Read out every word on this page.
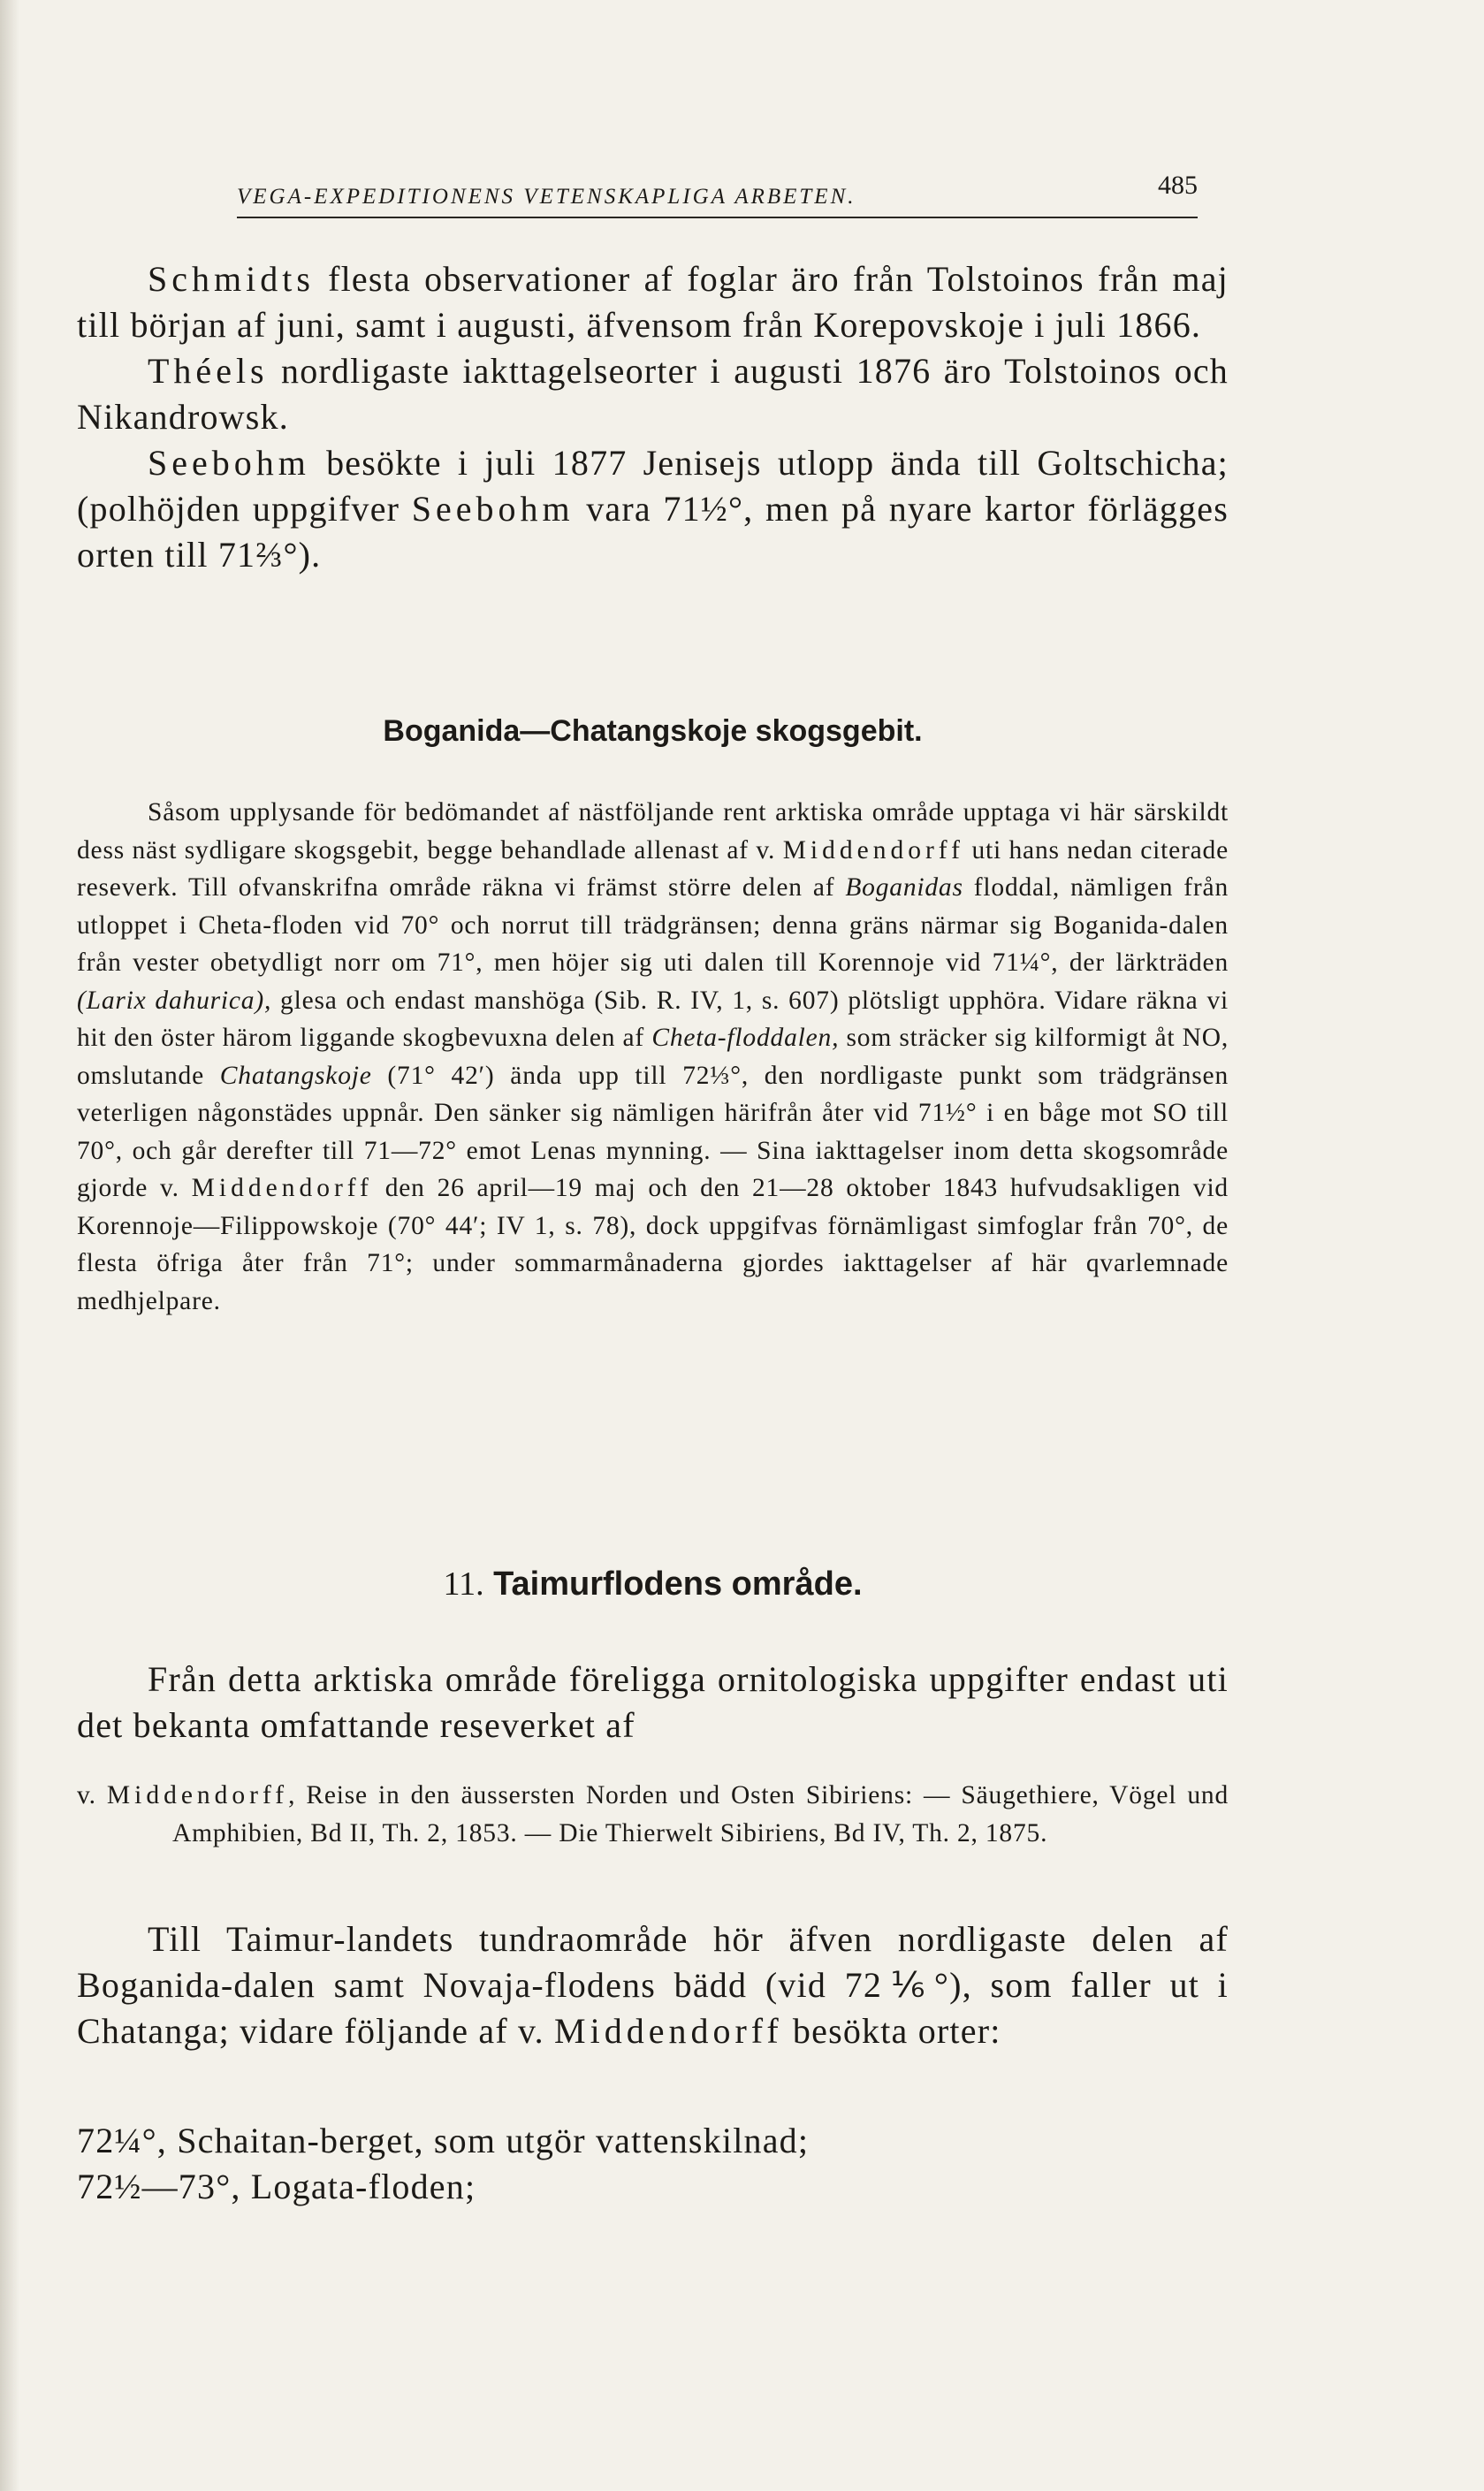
VEGA-EXPEDITIONENS VETENSKAPLIGA ARBETEN.	485

Schmidts flesta observationer af foglar äro från Tolstoinos från maj till början af juni, samt i augusti, äfvensom från Korepovskoje i juli 1866.

Théels nordligaste iakttagelseorter i augusti 1876 äro Tolstoinos och Nikandrowsk.

Seebohm besökte i juli 1877 Jenisejs utlopp ända till Goltschicha; (polhöjden uppgifver Seebohm vara 71½°, men på nyare kartor förlägges orten till 71⅔°).

Boganida—Chatangskoje skogsgebit.

Såsom upplysande för bedömandet af nästföljande rent arktiska område upptaga vi här särskildt dess näst sydligare skogsgebit, begge behandlade allenast af v. Middendorff uti hans nedan citerade reseverk. Till ofvanskrifna område räkna vi främst större delen af Boganidas floddal, nämligen från utloppet i Cheta-floden vid 70° och norrut till trädgränsen; denna gräns närmar sig Boganida-dalen från vester obetydligt norr om 71°, men höjer sig uti dalen till Korennoje vid 71¼°, der lärkträden (Larix dahurica), glesa och endast manshöga (Sib. R. IV, 1, s. 607) plötsligt upphöra. Vidare räkna vi hit den öster härom liggande skogbevuxna delen af Cheta-floddalen, som sträcker sig kilformigt åt NO, omslutande Chatangskoje (71° 42′) ända upp till 72⅓°, den nordligaste punkt som trädgränsen veterligen någonstädes uppnår. Den sänker sig nämligen härifrån åter vid 71½° i en båge mot SO till 70°, och går derefter till 71—72° emot Lenas mynning. — Sina iakttagelser inom detta skogsområde gjorde v. Middendorff den 26 april—19 maj och den 21—28 oktober 1843 hufvudsakligen vid Korennoje—Filippowskoje (70° 44′; IV 1, s. 78), dock uppgifvas förnämligast simfoglar från 70°, de flesta öfriga åter från 71°; under sommarmånaderna gjordes iakttagelser af här qvarlemnade medhjelpare.

11. Taimurflodens område.

Från detta arktiska område föreligga ornitologiska uppgifter endast uti det bekanta omfattande reseverket af

v. Middendorff, Reise in den äussersten Norden und Osten Sibiriens: — Säugethiere, Vögel und Amphibien, Bd II, Th. 2, 1853. — Die Thierwelt Sibiriens, Bd IV, Th. 2, 1875.

Till Taimur-landets tundraområde hör äfven nordligaste delen af Boganida-dalen samt Novaja-flodens bädd (vid 72⅙°), som faller ut i Chatanga; vidare följande af v. Middendorff besökta orter:

72¼°, Schaitan-berget, som utgör vattenskilnad;

72½—73°, Logata-floden;
